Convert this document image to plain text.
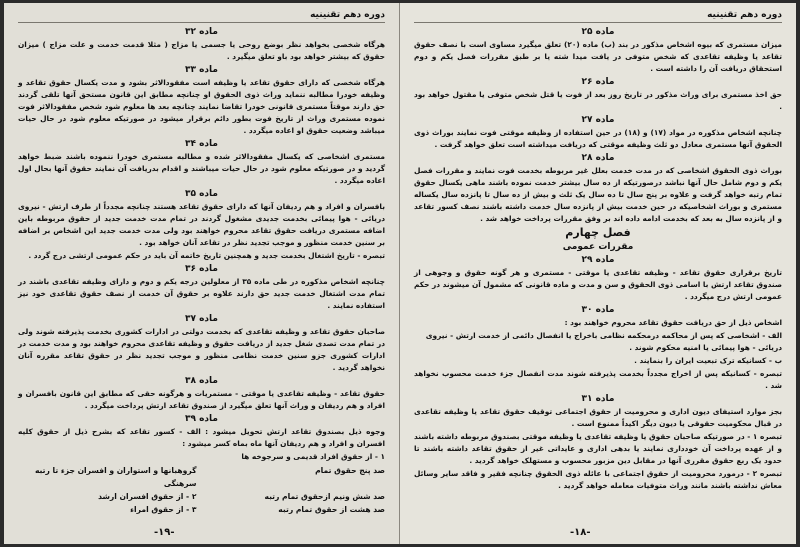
دوره دهم تقنینیه
ماده ۳۲
هرگاه شخصی بخواهد نظر بوضع روحی یا جسمی یا مزاج ( مثلا قدمت خدمت و علت مزاج ) میزان حقوق که بیشتر خواهد بود باو تعلق میگیرد .
ماده ۳۳
هرگاه شخصی که دارای حقوق تقاعد یا وظیفه است مفقودالاثر بشود و مدت یکسال حقوق تقاعد و وظیفه خودرا مطالبه ننماید وراث ذوی الحقوق او چنانچه مطابق این قانون مستحق آنها تلقی گردند حق دارند موقتاً مستمری قانونی خودرا تقاضا نمایند چنانچه بعد ها معلوم شود شخص مفقودالاثر فوت نموده مستمری وراث از تاریخ فوت بطور دائم برقرار میشود در صورتیکه معلوم شود در حال حیات میباشد وضعیت حقوق او اعاده میگردد .
ماده ۳۴
مستمری اشخاصی که یکسال مفقودالاثر شده و مطالبه مستمری خودرا ننموده باشند ضبط خواهد گردید و در صورتیکه معلوم شود در حال حیات میباشند و اقدام بدریافت آن نمایند حقوق آنها بحال اول اعاده میگردد .
ماده ۳۵
بافسران و افراد و هم ردیفان آنها که دارای حقوق تقاعد هستند چنانچه مجدداً از طرف ارتش - نیروی دریائی - هوا پیمائی بخدمت جدیدی مشغول گردند در تمام مدت خدمت جدید از حقوق مربوطه باین اضافه مستمری دریافت حقوق تقاعد محروم خواهند بود ولی مدت خدمت جدید این اشخاص بر اضافه بر سنین خدمت منظور و موجب تجدید نظر در تقاعد آنان خواهد بود .
تبصره - تاریخ اشتغال بخدمت جدید و همچنین تاریخ خاتمه آن باید در حکم عمومی ارتشی درج گردد .
ماده ۳۶
چنانچه اشخاص مذکوره در طی ماده ۳۵ از معلولین درجه یکم و دوم و دارای وظیفه تقاعدی باشند در تمام مدت اشتغال خدمت جدید حق دارند علاوه بر حقوق آن خدمت از نصف حقوق تقاعدی خود نیز استفاده نمایند .
ماده ۳۷
صاحبان حقوق تقاعد و وظیفه تقاعدی که بخدمت دولتی در ادارات کشوری بخدمت پذیرفته شوند ولی در تمام مدت تصدی شغل جدید از دریافت حقوق و وظیفه تقاعدی محروم خواهند بود و مدت خدمت در ادارات کشوری جزو سنین خدمت نظامی منظور و موجب تجدید نظر در حقوق تقاعد مقرره آنان نخواهد گردید .
ماده ۳۸
حقوق تقاعد - وظیفه تقاعدی یا موقتی - مستمریات و هرگونه حقی که مطابق این قانون بافسران و افراد و هم ردیفان و وراث آنها تعلق میگیرد از صندوق تقاعد ارتش پرداخت میگردد .
ماده ۳۹
وجوه ذیل بصندوق تقاعد ارتش تحویل میشود : الف - کسور تقاعد که بشرح ذیل از حقوق کلیه افسران و افراد و هم ردیفان آنها ماه بماه کسر میشود :
۱ - از حقوق افراد قدیمی و سرجوخه ها
صد پنج حقوق تمام
گروهبانها و استواران و افسران جزء تا رتبه سرهنگی
صد شش ونیم ازحقوق تمام رتبه
۲ - از حقوق افسران ارشد
صد هشت از حقوق تمام رتبه
۳ - از حقوق امراء
-۱۹-
دوره دهم تقنینیه
ماده ۲۵
میزان مستمری که بیوه اشخاص مذکور در بند (ب) ماده (۲۰) تعلق میگیرد مساوی است با نصف حقوق تقاعد یا وظیفه تقاعدی که شخص متوفی در یافت میدا شته یا بر طبق مقررات فصل یکم و دوم استحقاق دریافت آن را داشته است .
ماده ۲۶
حق اخذ مستمری برای وراث مذکور در تاریخ روز بعد از فوت یا قتل شخص متوفی یا مقتول خواهد بود .
ماده ۲۷
چنانچه اشخاص مذکوره در مواد (۱۷) و (۱۸) در حین استفاده از وظیفه موقتی فوت نمایند بوراث ذوی الحقوق آنها مستمری معادل دو ثلث وظیفه موقتی که دریافت میداشته است تعلق خواهد گرفت .
ماده ۲۸
بوراث ذوی الحقوق اشخاصی که در مدت خدمت بعلل غیر مربوطه بخدمت فوت نمایند و مقررات فصل یکم و دوم شامل حال آنها نباشد درصورتیکه از ده سال بیشتر خدمت نموده باشند ماهی یکسال حقوق تمام رتبه خواهد گرفت و علاوه بر پنج سال تا ده سال یک ثلث و بیش از ده سال تا پانزده سال یکساله مستمری و بوراث اشخاصیکه در حین خدمت بیش از پانزده سال خدمت داشته باشند نصف کسور تقاعد و از پانزده سال به بعد که بخدمت ادامه داده اند بر وفق مقررات پرداخت خواهد شد .
فصل چهارم
مقررات عمومی
ماده ۲۹
تاریخ برقراری حقوق تقاعد - وظیفه تقاعدی یا موقتی - مستمری و هر گونه حقوق و وجوهی از صندوق تقاعد ارتش با اسامی ذوی الحقوق و سن و مدت و ماده قانونی که مشمول آن میشوند در حکم عمومی ارتش درج میگردد .
ماده ۳۰
اشخاص ذیل از حق دریافت حقوق تقاعد محروم خواهند بود :
الف - اشخاصی که پس از محاکمه درمحکمه نظامی باخراج یا انفصال دائمی از خدمت ارتش - نیروی دریائی - هوا پیمائی یا امنیه محکوم شوند .
ب - کسانیکه ترک تبعیت ایران را بنمایند .
تبصره - کسانیکه پس از اخراج مجدداً بخدمت پذیرفته شوند مدت انفصال جزء خدمت محسوب نخواهد شد .
ماده ۳۱
بجز موارد استیفای دیون اداری و محرومیت از حقوق اجتماعی توقیف حقوق تقاعد یا وظیفه تقاعدی در قبال محکومیت حقوقی یا دیون دیگر اکیداً ممنوع است .
تبصره ۱ - در صورتیکه صاحبان حقوق یا وظیفه تقاعدی یا وظیفه موقتی بصندوق مربوطه داشته باشند و از عهده پرداخت آن خودداری نمایند یا بدهی اداری و عایداتی غیر از حقوق تقاعد داشته باشند تا حدود یک ربع حقوق مقرری آنها در مقابل دین مزبور محسوب و مستهلک خواهد گردید .
تبصره ۲ - درمورد محرومیت از حقوق اجتماعی با عائله ذوی الحقوق چنانچه فقیر و فاقد سایر وسائل معاش نداشته باشند مانند وراث متوفیات معامله خواهد گردید .
-۱۸-
